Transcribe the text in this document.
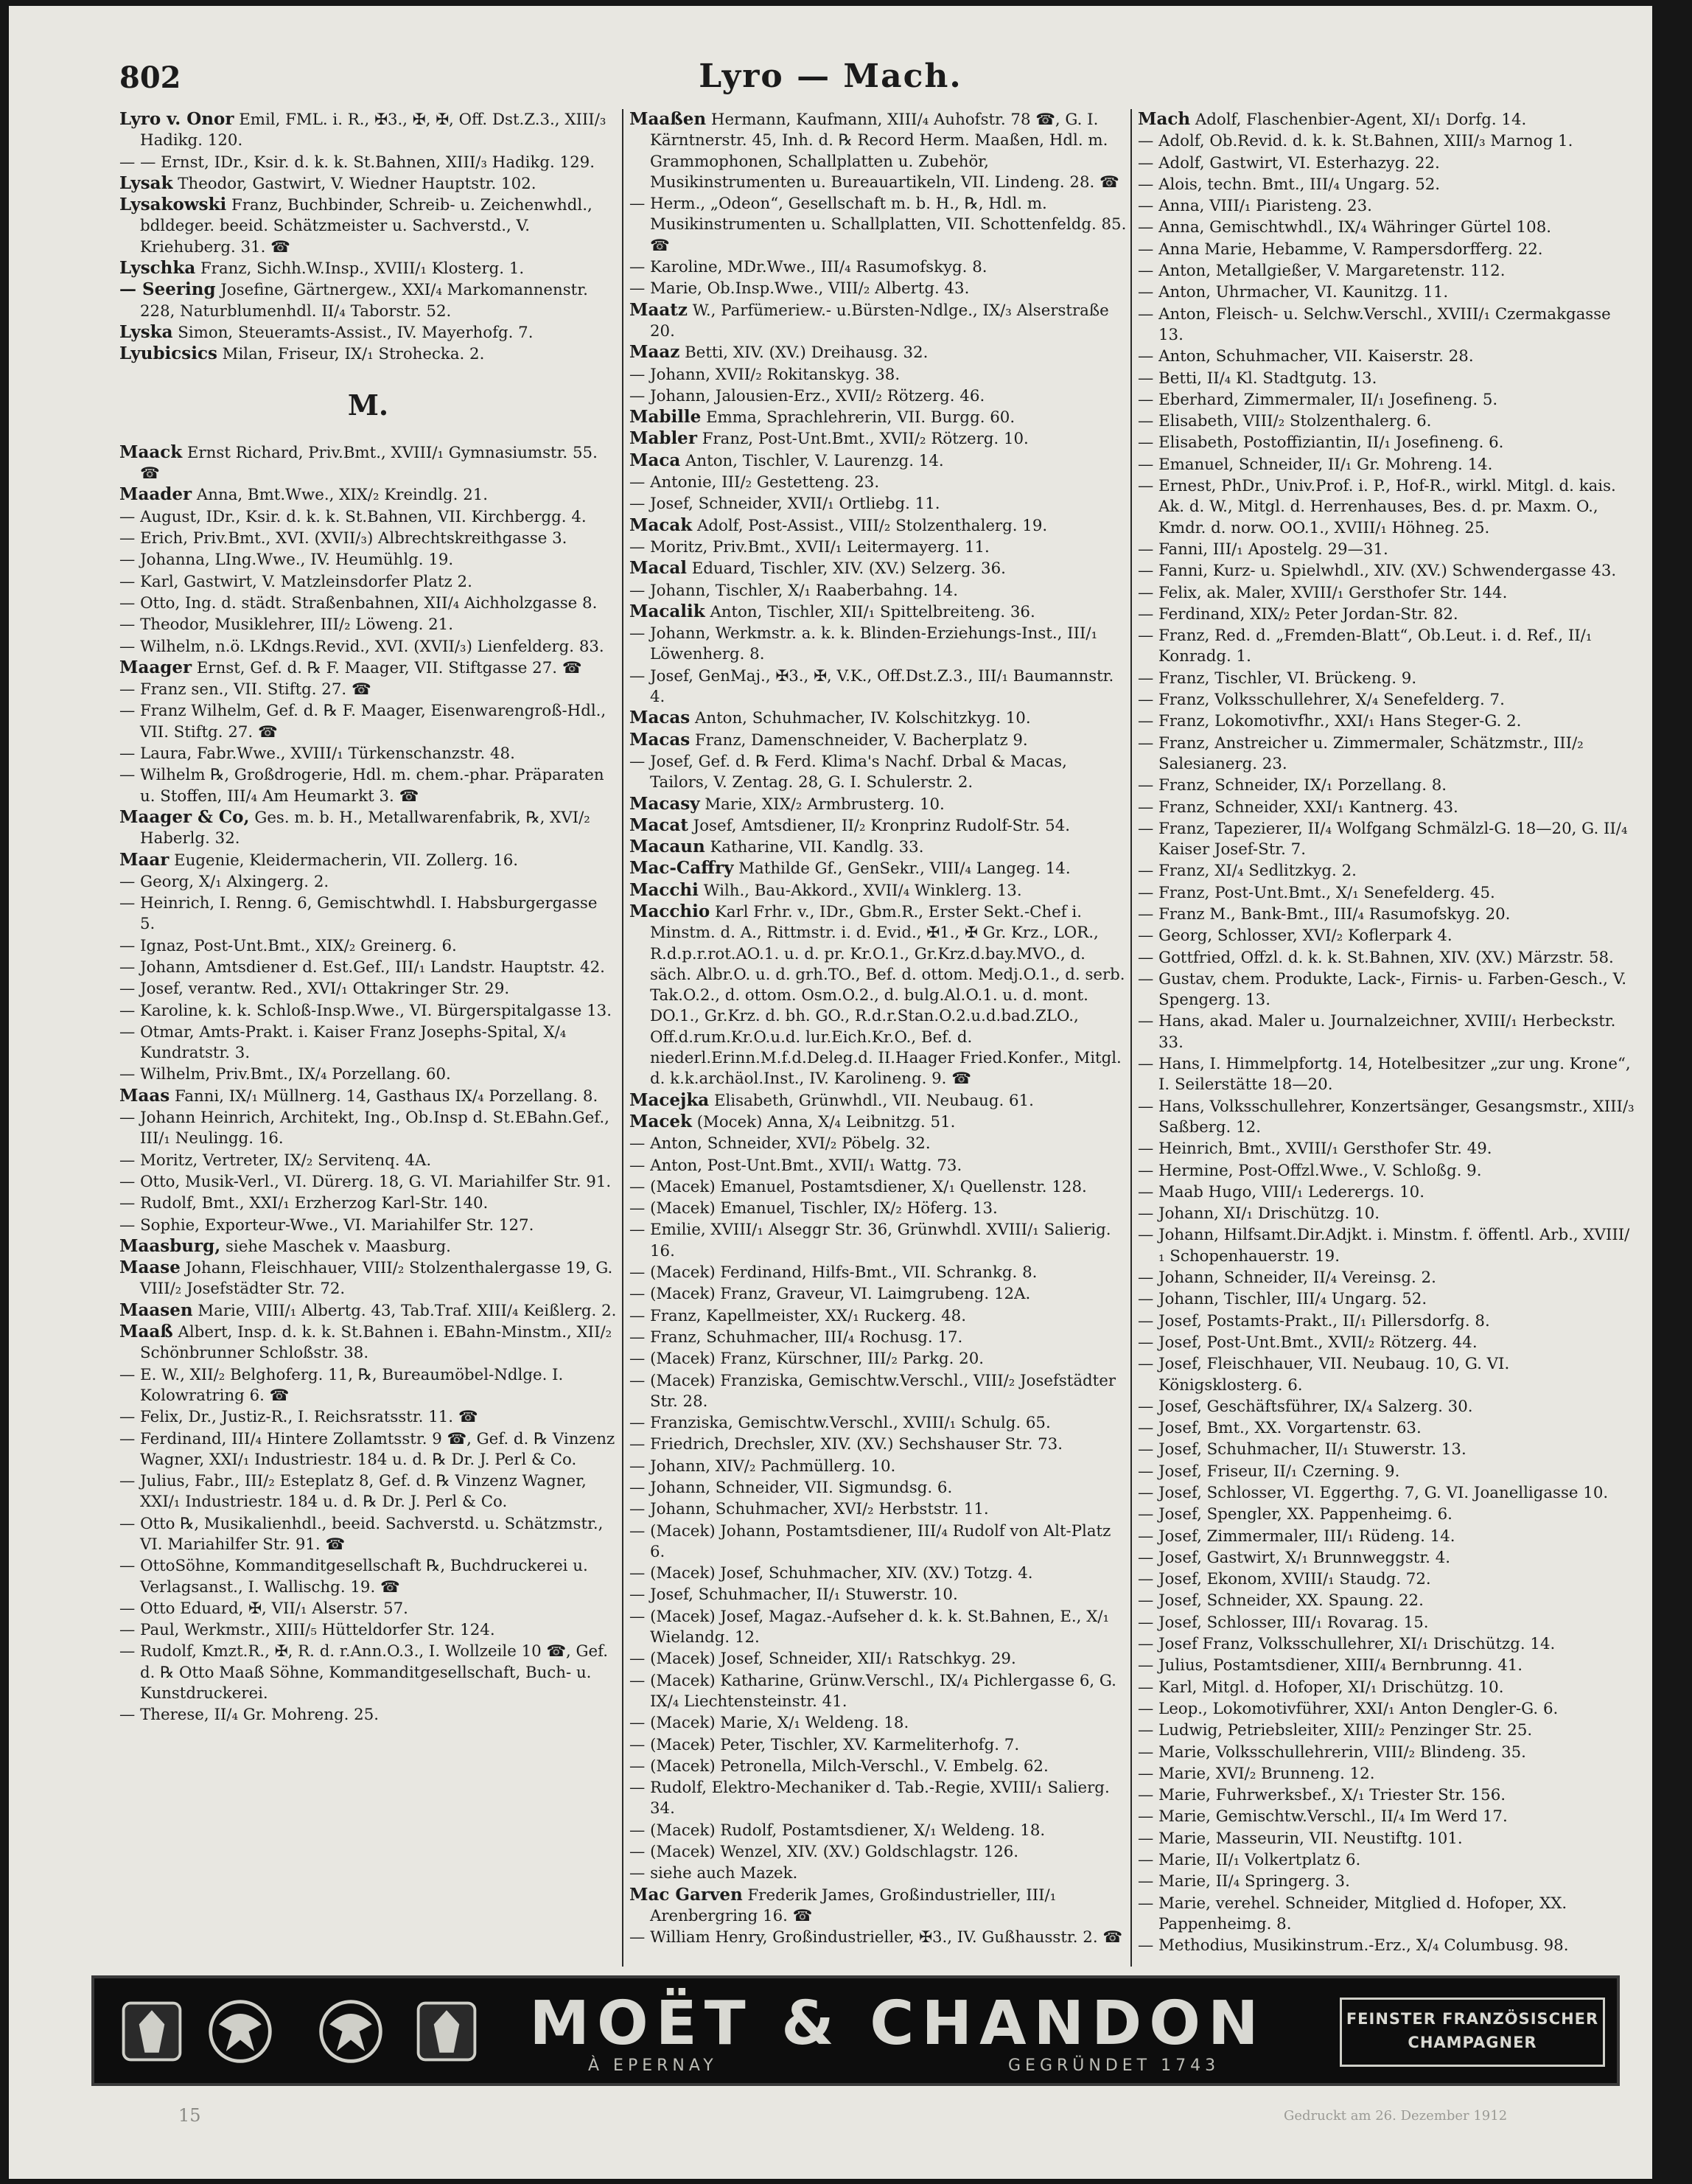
802	Lyro — Mach.
Lyro v. Onor Emil, FML. i. R., ✠3., ✠, ✠, Off. Dst.Z.3., XIII/₃ Hadikg. 120.
— — Ernst, IDr., Ksir. d. k. k. St.Bahnen, XIII/₃ Hadikg. 129.
Lysak Theodor, Gastwirt, V. Wiedner Hauptstr. 102.
Lysakowski Franz, Buchbinder, Schreib- u. Zeichenwhdl., bdldeger. beeid. Schätzmeister u. Sachverstd., V. Kriehuberg. 31. ☎
Lyschka Franz, Sichh.W.Insp., XVIII/₁ Klosterg. 1.
— Seering Josefine, Gärtnergew., XXI/₄ Markomannenstr. 228, Naturblumenhdl. II/₄ Taborstr. 52.
Lyska Simon, Steueramts-Assist., IV. Mayerhofg. 7.
Lyubicsics Milan, Friseur, IX/₁ Strohecka. 2.
M.
Maack Ernst Richard, Priv.Bmt., XVIII/₁ Gymnasiumstr. 55. ☎
Maader Anna, Bmt.Wwe., XIX/₂ Kreindlg. 21.
— August, IDr., Ksir. d. k. k. St.Bahnen, VII. Kirchbergg. 4.
— Erich, Priv.Bmt., XVI. (XVII/₃) Albrechtskreithgasse 3.
— Johanna, LIng.Wwe., IV. Heumühlg. 19.
— Karl, Gastwirt, V. Matzleinsdorfer Platz 2.
— Otto, Ing. d. städt. Straßenbahnen, XII/₄ Aichholzgasse 8.
— Theodor, Musiklehrer, III/₂ Löweng. 21.
— Wilhelm, n.ö. LKdngs.Revid., XVI. (XVII/₃) Lienfelderg. 83.
Maager Ernst, Gef. d. ℞ F. Maager, VII. Stiftgasse 27. ☎
— Franz sen., VII. Stiftg. 27. ☎
— Franz Wilhelm, Gef. d. ℞ F. Maager, Eisenwarengroß-Hdl., VII. Stiftg. 27. ☎
— Laura, Fabr.Wwe., XVIII/₁ Türkenschanzstr. 48.
— Wilhelm ℞, Großdrogerie, Hdl. m. chem.-phar. Präparaten u. Stoffen, III/₄ Am Heumarkt 3. ☎
Maager & Co, Ges. m. b. H., Metallwarenfabrik, ℞, XVI/₂ Haberlg. 32.
Maar Eugenie, Kleidermacherin, VII. Zollerg. 16.
— Georg, X/₁ Alxingerg. 2.
— Heinrich, I. Renng. 6, Gemischtwhdl. I. Habsburgergasse 5.
— Ignaz, Post-Unt.Bmt., XIX/₂ Greinerg. 6.
— Johann, Amtsdiener d. Est.Gef., III/₁ Landstr. Hauptstr. 42.
— Josef, verantw. Red., XVI/₁ Ottakringer Str. 29.
— Karoline, k. k. Schloß-Insp.Wwe., VI. Bürgerspitalgasse 13.
— Otmar, Amts-Prakt. i. Kaiser Franz Josephs-Spital, X/₄ Kundratstr. 3.
— Wilhelm, Priv.Bmt., IX/₄ Porzellang. 60.
Maas Fanni, IX/₁ Müllnerg. 14, Gasthaus IX/₄ Porzellang. 8.
— Johann Heinrich, Architekt, Ing., Ob.Insp d. St.EBahn.Gef., III/₁ Neulingg. 16.
— Moritz, Vertreter, IX/₂ Servitenq. 4A.
— Otto, Musik-Verl., VI. Dürerg. 18, G. VI. Mariahilfer Str. 91.
— Rudolf, Bmt., XXI/₁ Erzherzog Karl-Str. 140.
— Sophie, Exporteur-Wwe., VI. Mariahilfer Str. 127.
Maasburg, siehe Maschek v. Maasburg.
Maase Johann, Fleischhauer, VIII/₂ Stolzenthalergasse 19, G. VIII/₂ Josefstädter Str. 72.
Maasen Marie, VIII/₁ Albertg. 43, Tab.Traf. XIII/₄ Keißlerg. 2.
Maaß Albert, Insp. d. k. k. St.Bahnen i. EBahn-Minstm., XII/₂ Schönbrunner Schloßstr. 38.
— E. W., XII/₂ Belghoferg. 11, ℞, Bureaumöbel-Ndlge. I. Kolowratring 6. ☎
— Felix, Dr., Justiz-R., I. Reichsratsstr. 11. ☎
— Ferdinand, III/₄ Hintere Zollamtsstr. 9 ☎, Gef. d. ℞ Vinzenz Wagner, XXI/₁ Industriestr. 184 u. d. ℞ Dr. J. Perl & Co.
— Julius, Fabr., III/₂ Esteplatz 8, Gef. d. ℞ Vinzenz Wagner, XXI/₁ Industriestr. 184 u. d. ℞ Dr. J. Perl & Co.
— Otto ℞, Musikalienhdl., beeid. Sachverstd. u. Schätzmstr., VI. Mariahilfer Str. 91. ☎
— OttoSöhne, Kommanditgesellschaft ℞, Buchdruckerei u. Verlagsanst., I. Wallischg. 19. ☎
— Otto Eduard, ✠, VII/₁ Alserstr. 57.
— Paul, Werkmstr., XIII/₅ Hütteldorfer Str. 124.
— Rudolf, Kmzt.R., ✠, R. d. r.Ann.O.3., I. Wollzeile 10 ☎, Gef. d. ℞ Otto Maaß Söhne, Kommanditgesellschaft, Buch- u. Kunstdruckerei.
— Therese, II/₄ Gr. Mohreng. 25.
Maaßen Hermann, Kaufmann, XIII/₄ Auhofstr. 78 ☎, G. I. Kärntnerstr. 45, Inh. d. ℞ Record Herm. Maaßen, Hdl. m. Grammophonen, Schallplatten u. Zubehör, Musikinstrumenten u. Bureauartikeln, VII. Lindeng. 28. ☎
— Herm., „Odeon“, Gesellschaft m. b. H., ℞, Hdl. m. Musikinstrumenten u. Schallplatten, VII. Schottenfeldg. 85. ☎
— Karoline, MDr.Wwe., III/₄ Rasumofskyg. 8.
— Marie, Ob.Insp.Wwe., VIII/₂ Albertg. 43.
Maatz W., Parfümeriew.- u.Bürsten-Ndlge., IX/₃ Alserstraße 20.
Maaz Betti, XIV. (XV.) Dreihausg. 32.
— Johann, XVII/₂ Rokitanskyg. 38.
— Johann, Jalousien-Erz., XVII/₂ Rötzerg. 46.
Mabille Emma, Sprachlehrerin, VII. Burgg. 60.
Mabler Franz, Post-Unt.Bmt., XVII/₂ Rötzerg. 10.
Maca Anton, Tischler, V. Laurenzg. 14.
— Antonie, III/₂ Gestetteng. 23.
— Josef, Schneider, XVII/₁ Ortliebg. 11.
Macak Adolf, Post-Assist., VIII/₂ Stolzenthalerg. 19.
— Moritz, Priv.Bmt., XVII/₁ Leitermayerg. 11.
Macal Eduard, Tischler, XIV. (XV.) Selzerg. 36.
— Johann, Tischler, X/₁ Raaberbahng. 14.
Macalik Anton, Tischler, XII/₁ Spittelbreiteng. 36.
— Johann, Werkmstr. a. k. k. Blinden-Erziehungs-Inst., III/₁ Löwenherg. 8.
— Josef, GenMaj., ✠3., ✠, V.K., Off.Dst.Z.3., III/₁ Baumannstr. 4.
Macas Anton, Schuhmacher, IV. Kolschitzkyg. 10.
Macas Franz, Damenschneider, V. Bacherplatz 9.
— Josef, Gef. d. ℞ Ferd. Klima's Nachf. Drbal & Macas, Tailors, V. Zentag. 28, G. I. Schulerstr. 2.
Macasy Marie, XIX/₂ Armbrusterg. 10.
Macat Josef, Amtsdiener, II/₂ Kronprinz Rudolf-Str. 54.
Macaun Katharine, VII. Kandlg. 33.
Mac-Caffry Mathilde Gf., GenSekr., VIII/₄ Langeg. 14.
Macchi Wilh., Bau-Akkord., XVII/₄ Winklerg. 13.
Macchio Karl Frhr. v., IDr., Gbm.R., Erster Sekt.-Chef i. Minstm. d. A., Rittmstr. i. d. Evid., ✠1., ✠ Gr. Krz., LOR., R.d.p.r.rot.AO.1. u. d. pr. Kr.O.1., Gr.Krz.d.bay.MVO., d. säch. Albr.O. u. d. grh.TO., Bef. d. ottom. Medj.O.1., d. serb. Tak.O.2., d. ottom. Osm.O.2., d. bulg.Al.O.1. u. d. mont. DO.1., Gr.Krz. d. bh. GO., R.d.r.Stan.O.2.u.d.bad.ZLO., Off.d.rum.Kr.O.u.d. lur.Eich.Kr.O., Bef. d. niederl.Erinn.M.f.d.Deleg.d. II.Haager Fried.Konfer., Mitgl. d. k.k.archäol.Inst., IV. Karolineng. 9. ☎
Macejka Elisabeth, Grünwhdl., VII. Neubaug. 61.
Macek (Mocek) Anna, X/₄ Leibnitzg. 51.
— Anton, Schneider, XVI/₂ Pöbelg. 32.
— Anton, Post-Unt.Bmt., XVII/₁ Wattg. 73.
— (Macek) Emanuel, Postamtsdiener, X/₁ Quellenstr. 128.
— (Macek) Emanuel, Tischler, IX/₂ Höferg. 13.
— Emilie, XVIII/₁ Alseggr Str. 36, Grünwhdl. XVIII/₁ Salierig. 16.
— (Macek) Ferdinand, Hilfs-Bmt., VII. Schrankg. 8.
— (Macek) Franz, Graveur, VI. Laimgrubeng. 12A.
— Franz, Kapellmeister, XX/₁ Ruckerg. 48.
— Franz, Schuhmacher, III/₄ Rochusg. 17.
— (Macek) Franz, Kürschner, III/₂ Parkg. 20.
— (Macek) Franziska, Gemischtw.Verschl., VIII/₂ Josefstädter Str. 28.
— Franziska, Gemischtw.Verschl., XVIII/₁ Schulg. 65.
— Friedrich, Drechsler, XIV. (XV.) Sechshauser Str. 73.
— Johann, XIV/₂ Pachmüllerg. 10.
— Johann, Schneider, VII. Sigmundsg. 6.
— Johann, Schuhmacher, XVI/₂ Herbststr. 11.
— (Macek) Johann, Postamtsdiener, III/₄ Rudolf von Alt-Platz 6.
— (Macek) Josef, Schuhmacher, XIV. (XV.) Totzg. 4.
— Josef, Schuhmacher, II/₁ Stuwerstr. 10.
— (Macek) Josef, Magaz.-Aufseher d. k. k. St.Bahnen, E., X/₁ Wielandg. 12.
— (Macek) Josef, Schneider, XII/₁ Ratschkyg. 29.
— (Macek) Katharine, Grünw.Verschl., IX/₄ Pichlergasse 6, G. IX/₄ Liechtensteinstr. 41.
— (Macek) Marie, X/₁ Weldeng. 18.
— (Macek) Peter, Tischler, XV. Karmeliterhofg. 7.
— (Macek) Petronella, Milch-Verschl., V. Embelg. 62.
— Rudolf, Elektro-Mechaniker d. Tab.-Regie, XVIII/₁ Salierg. 34.
— (Macek) Rudolf, Postamtsdiener, X/₁ Weldeng. 18.
— (Macek) Wenzel, XIV. (XV.) Goldschlagstr. 126.
— siehe auch Mazek.
Mac Garven Frederik James, Großindustrieller, III/₁ Arenbergring 16. ☎
— William Henry, Großindustrieller, ✠3., IV. Gußhausstr. 2. ☎
Mach Adolf, Flaschenbier-Agent, XI/₁ Dorfg. 14.
— Adolf, Ob.Revid. d. k. k. St.Bahnen, XIII/₃ Marnog 1.
— Adolf, Gastwirt, VI. Esterhazyg. 22.
— Alois, techn. Bmt., III/₄ Ungarg. 52.
— Anna, VIII/₁ Piaristeng. 23.
— Anna, Gemischtwhdl., IX/₄ Währinger Gürtel 108.
— Anna Marie, Hebamme, V. Rampersdorfferg. 22.
— Anton, Metallgießer, V. Margaretenstr. 112.
— Anton, Uhrmacher, VI. Kaunitzg. 11.
— Anton, Fleisch- u. Selchw.Verschl., XVIII/₁ Czermakgasse 13.
— Anton, Schuhmacher, VII. Kaiserstr. 28.
— Betti, II/₄ Kl. Stadtgutg. 13.
— Eberhard, Zimmermaler, II/₁ Josefineng. 5.
— Elisabeth, VIII/₂ Stolzenthalerg. 6.
— Elisabeth, Postoffiziantin, II/₁ Josefineng. 6.
— Emanuel, Schneider, II/₁ Gr. Mohreng. 14.
— Ernest, PhDr., Univ.Prof. i. P., Hof-R., wirkl. Mitgl. d. kais. Ak. d. W., Mitgl. d. Herrenhauses, Bes. d. pr. Maxm. O., Kmdr. d. norw. OO.1., XVIII/₁ Höhneg. 25.
— Fanni, III/₁ Apostelg. 29—31.
— Fanni, Kurz- u. Spielwhdl., XIV. (XV.) Schwendergasse 43.
— Felix, ak. Maler, XVIII/₁ Gersthofer Str. 144.
— Ferdinand, XIX/₂ Peter Jordan-Str. 82.
— Franz, Red. d. „Fremden-Blatt“, Ob.Leut. i. d. Ref., II/₁ Konradg. 1.
— Franz, Tischler, VI. Brückeng. 9.
— Franz, Volksschullehrer, X/₄ Senefelderg. 7.
— Franz, Lokomotivfhr., XXI/₁ Hans Steger-G. 2.
— Franz, Anstreicher u. Zimmermaler, Schätzmstr., III/₂ Salesianerg. 23.
— Franz, Schneider, IX/₁ Porzellang. 8.
— Franz, Schneider, XXI/₁ Kantnerg. 43.
— Franz, Tapezierer, II/₄ Wolfgang Schmälzl-G. 18—20, G. II/₄ Kaiser Josef-Str. 7.
— Franz, XI/₄ Sedlitzkyg. 2.
— Franz, Post-Unt.Bmt., X/₁ Senefelderg. 45.
— Franz M., Bank-Bmt., III/₄ Rasumofskyg. 20.
— Georg, Schlosser, XVI/₂ Koflerpark 4.
— Gottfried, Offzl. d. k. k. St.Bahnen, XIV. (XV.) Märzstr. 58.
— Gustav, chem. Produkte, Lack-, Firnis- u. Farben-Gesch., V. Spengerg. 13.
— Hans, akad. Maler u. Journalzeichner, XVIII/₁ Herbeckstr. 33.
— Hans, I. Himmelpfortg. 14, Hotelbesitzer „zur ung. Krone“, I. Seilerstätte 18—20.
— Hans, Volksschullehrer, Konzertsänger, Gesangsmstr., XIII/₃ Saßberg. 12.
— Heinrich, Bmt., XVIII/₁ Gersthofer Str. 49.
— Hermine, Post-Offzl.Wwe., V. Schloßg. 9.
— Maab Hugo, VIII/₁ Lederergs. 10.
— Johann, XI/₁ Drischützg. 10.
— Johann, Hilfsamt.Dir.Adjkt. i. Minstm. f. öffentl. Arb., XVIII/₁ Schopenhauerstr. 19.
— Johann, Schneider, II/₄ Vereinsg. 2.
— Johann, Tischler, III/₄ Ungarg. 52.
— Josef, Postamts-Prakt., II/₁ Pillersdorfg. 8.
— Josef, Post-Unt.Bmt., XVII/₂ Rötzerg. 44.
— Josef, Fleischhauer, VII. Neubaug. 10, G. VI. Königsklosterg. 6.
— Josef, Geschäftsführer, IX/₄ Salzerg. 30.
— Josef, Bmt., XX. Vorgartenstr. 63.
— Josef, Schuhmacher, II/₁ Stuwerstr. 13.
— Josef, Friseur, II/₁ Czerning. 9.
— Josef, Schlosser, VI. Eggerthg. 7, G. VI. Joanelligasse 10.
— Josef, Spengler, XX. Pappenheimg. 6.
— Josef, Zimmermaler, III/₁ Rüdeng. 14.
— Josef, Gastwirt, X/₁ Brunnweggstr. 4.
— Josef, Ekonom, XVIII/₁ Staudg. 72.
— Josef, Schneider, XX. Spaung. 22.
— Josef, Schlosser, III/₁ Rovarag. 15.
— Josef Franz, Volksschullehrer, XI/₁ Drischützg. 14.
— Julius, Postamtsdiener, XIII/₄ Bernbrunng. 41.
— Karl, Mitgl. d. Hofoper, XI/₁ Drischützg. 10.
— Leop., Lokomotivführer, XXI/₁ Anton Dengler-G. 6.
— Ludwig, Petriebsleiter, XIII/₂ Penzinger Str. 25.
— Marie, Volksschullehrerin, VIII/₂ Blindeng. 35.
— Marie, XVI/₂ Brunneng. 12.
— Marie, Fuhrwerksbef., X/₁ Triester Str. 156.
— Marie, Gemischtw.Verschl., II/₄ Im Werd 17.
— Marie, Masseurin, VII. Neustiftg. 101.
— Marie, II/₁ Volkertplatz 6.
— Marie, II/₄ Springerg. 3.
— Marie, verehel. Schneider, Mitglied d. Hofoper, XX. Pappenheimg. 8.
— Methodius, Musikinstrum.-Erz., X/₄ Columbusg. 98.
MOËT & CHANDON
À EPERNAY	GEGRÜNDET 1743
FEINSTER FRANZÖSISCHER
CHAMPAGNER
15	Gedruckt am 26. Dezember 1912
